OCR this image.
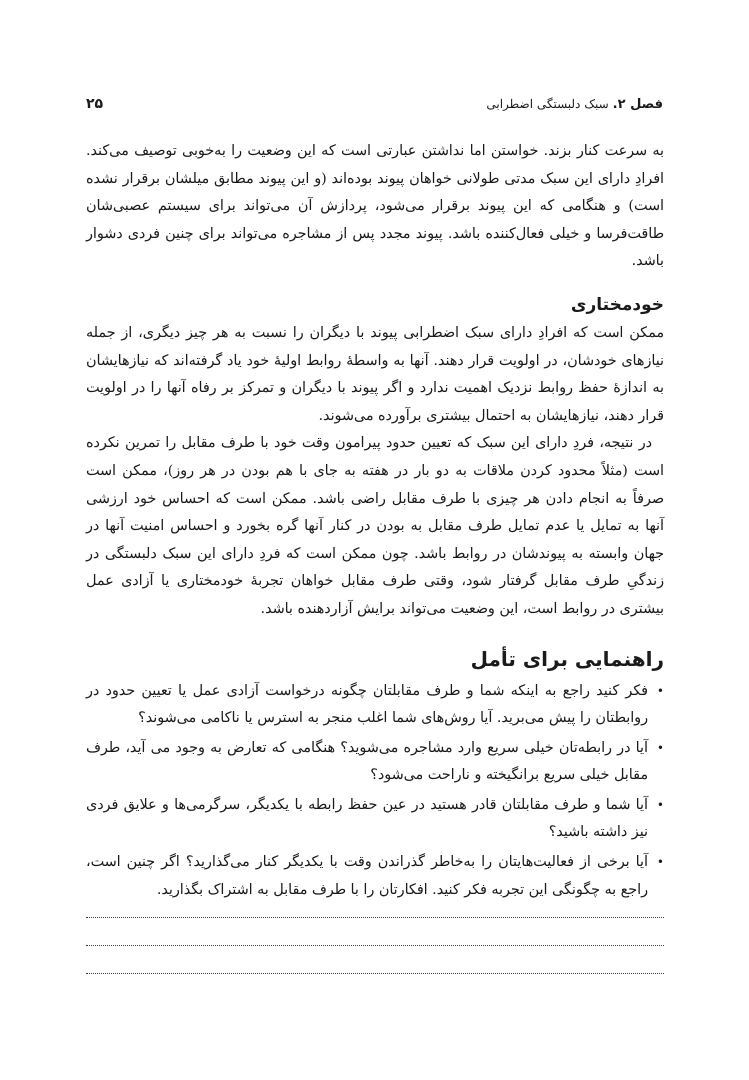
فصل ۲.
سبک دلبستگی اضطرابی
۲۵

به سرعت کنار بزند. خواستن اما نداشتن عبارتی است که این وضعیت را به‌خوبی توصیف می‌کند. افرادِ دارای این سبک مدتی طولانی خواهان پیوند بوده‌اند (و این پیوند مطابق میلشان برقرار نشده است) و هنگامی که این پیوند برقرار می‌شود، پردازش آن می‌تواند برای سیستم عصبی‌شان طاقت‌فرسا و خیلی فعال‌کننده باشد. پیوند مجدد پس از مشاجره می‌تواند برای چنین فردی دشوار باشد.

خودمختاری

ممکن است که افرادِ دارای سبک اضطرابی پیوند با دیگران را نسبت به هر چیز دیگری، از جمله نیازهای خودشان، در اولویت قرار دهند. آنها به واسطهٔ روابط اولیهٔ خود یاد گرفته‌اند که نیازهایشان به اندازهٔ حفظ روابط نزدیک اهمیت ندارد و اگر پیوند با دیگران و تمرکز بر رفاه آنها را در اولویت قرار دهند، نیازهایشان به احتمال بیشتری برآورده می‌شوند.

در نتیجه، فردِ دارای این سبک که تعیین حدود پیرامون وقت خود با طرف مقابل را تمرین نکرده است (مثلاً محدود کردن ملاقات به دو بار در هفته به جای با هم بودن در هر روز)، ممکن است صرفاً به انجام دادن هر چیزی با طرف مقابل راضی باشد. ممکن است که احساس خود ارزشی آنها به تمایل یا عدم تمایل طرف مقابل به بودن در کنار آنها گره بخورد و احساس امنیت آنها در جهان وابسته به پیوندشان در روابط باشد. چون ممکن است که فردِ دارای این سبک دلبستگی در زندگیِ طرف مقابل گرفتار شود، وقتی طرف مقابل خواهان تجربهٔ خودمختاری یا آزادی عمل بیشتری در روابط است، این وضعیت می‌تواند برایش آزاردهنده باشد.

راهنمایی برای تأمل
•
فکر کنید راجع به اینکه شما و طرف مقابلتان چگونه درخواست آزادی عمل یا تعیین حدود در روابطتان را پیش می‌برید. آیا روش‌های شما اغلب منجر به استرس یا ناکامی می‌شوند؟
•
آیا در رابطه‌تان خیلی سریع وارد مشاجره می‌شوید؟ هنگامی که تعارض به وجود می آید، طرف مقابل خیلی سریع برانگیخته و ناراحت می‌شود؟
•
آیا شما و طرف مقابلتان قادر هستید در عین حفظ رابطه با یکدیگر، سرگرمی‌ها و علایق فردی نیز داشته باشید؟
•
آیا برخی از فعالیت‌هایتان را به‌خاطر گذراندن وقت با یکدیگر کنار می‌گذارید؟ اگر چنین است، راجع به چگونگی این تجربه فکر کنید. افکارتان را با طرف مقابل به اشتراک بگذارید.
